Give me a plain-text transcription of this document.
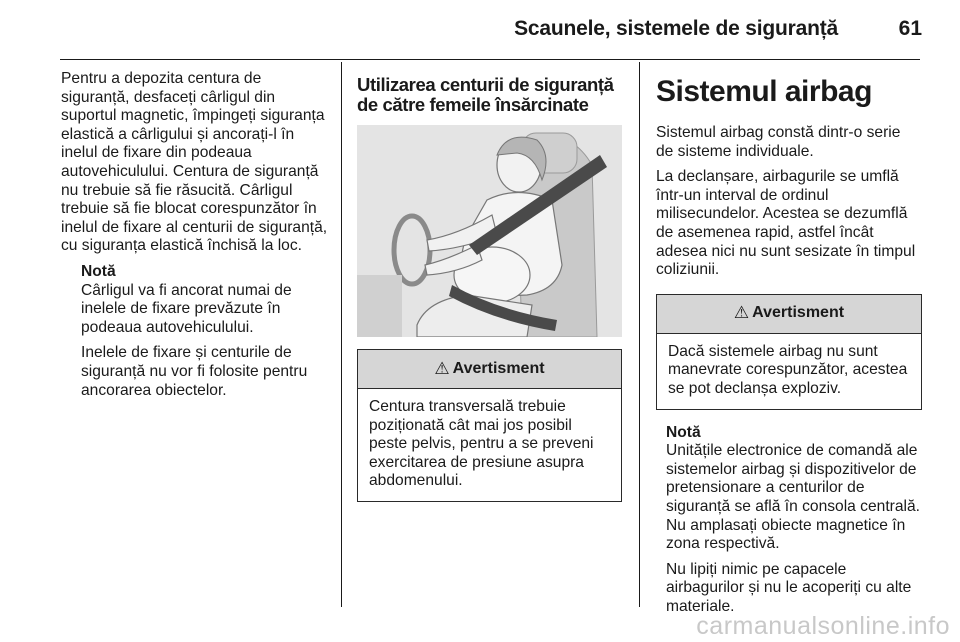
Scaunele, sistemele de siguranță	61

Pentru a depozita centura de siguranță, desfaceți cârligul din suportul magnetic, împingeți siguranța elastică a cârligului și ancorați-l în inelul de fixare din podeaua autovehiculului. Centura de siguranță nu trebuie să fie răsucită. Cârligul trebuie să fie blocat corespunzător în inelul de fixare al centurii de siguranță, cu siguranța elastică închisă la loc.

Notă

Cârligul va fi ancorat numai de inelele de fixare prevăzute în podeaua autovehiculului.

Inelele de fixare și centurile de siguranță nu vor fi folosite pentru ancorarea obiectelor.

Utilizarea centurii de siguranță de către femeile însărcinate
⚠ Avertisment
Centura transversală trebuie poziționată cât mai jos posibil peste pelvis, pentru a se preveni exercitarea de presiune asupra abdomenului.
Sistemul airbag

Sistemul airbag constă dintr-o serie de sisteme individuale.

La declanșare, airbagurile se umflă într-un interval de ordinul milisecundelor. Acestea se dezumflă de asemenea rapid, astfel încât adesea nici nu sunt sesizate în timpul coliziunii.

⚠ Avertisment
Dacă sistemele airbag nu sunt manevrate corespunzător, acestea se pot declanșa exploziv.
Notă

Unitățile electronice de comandă ale sistemelor airbag și dispozitivelor de pretensionare a centurilor de siguranță se află în consola centrală. Nu amplasați obiecte magnetice în zona respectivă.

Nu lipiți nimic pe capacele airbagurilor și nu le acoperiți cu alte materiale.

carmanualsonline.info
